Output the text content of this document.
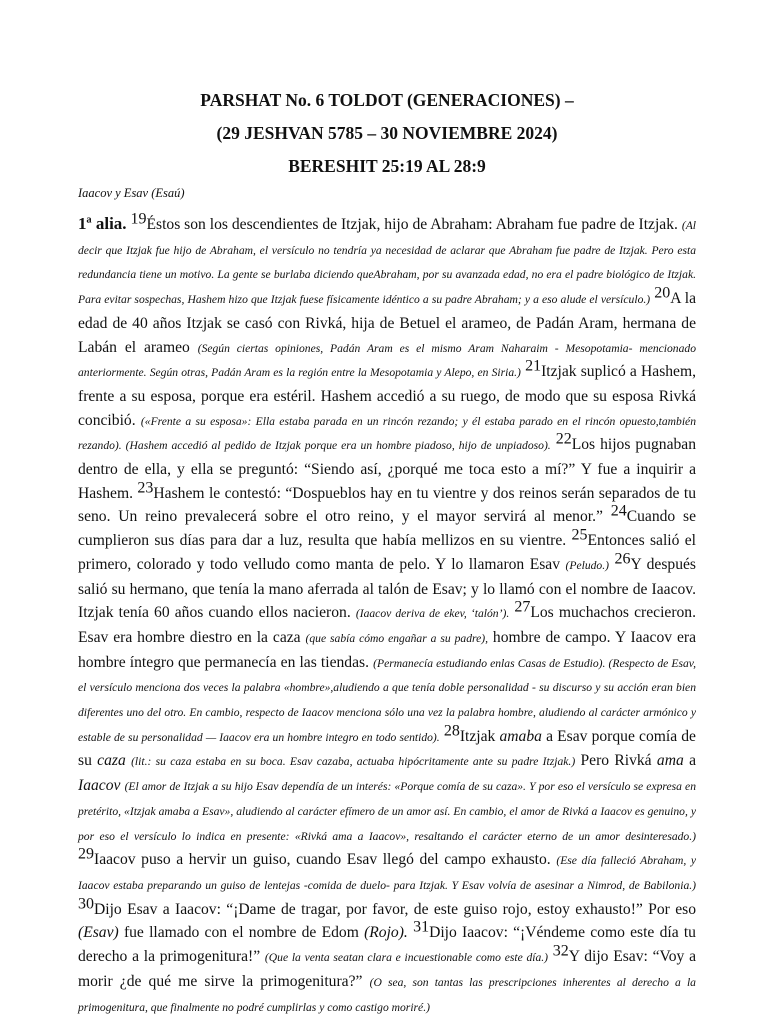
PARSHAT No. 6 TOLDOT (GENERACIONES) –

(29 JESHVAN 5785 – 30 NOVIEMBRE 2024)

BERESHIT 25:19 AL 28:9

Iaacov y Esav (Esaú)
1ª alia. $^{19}$Éstos son los descendientes de Itzjak, hijo de Abraham: Abraham fue padre de Itzjak. (Al decir que Itzjak fue hijo de Abraham, el versículo no tendría ya necesidad de aclarar que Abraham fue padre de Itzjak. Pero esta redundancia tiene un motivo. La gente se burlaba diciendo queAbraham, por su avanzada edad, no era el padre biológico de Itzjak. Para evitar sospechas, Hashem hizo que Itzjak fuese físicamente idéntico a su padre Abraham; y a eso alude el versículo.) $^{20}$A la edad de 40 años Itzjak se casó con Rivká, hija de Betuel el arameo, de Padán Aram, hermana de Labán el arameo (Según ciertas opiniones, Padán Aram es el mismo Aram Naharaim - Mesopotamia- mencionado anteriormente. Según otras, Padán Aram es la región entre la Mesopotamia y Alepo, en Siria.) $^{21}$Itzjak suplicó a Hashem, frente a su esposa, porque era estéril. Hashem accedió a su ruego, de modo que su esposa Rivká concibió. («Frente a su esposa»: Ella estaba parada en un rincón rezando; y él estaba parado en el rincón opuesto,también rezando). (Hashem accedió al pedido de Itzjak porque era un hombre piadoso, hijo de unpiadoso). $^{22}$Los hijos pugnaban dentro de ella, y ella se preguntó: “Siendo así, ¿porqué me toca esto a mí?” Y fue a inquirir a Hashem. $^{23}$Hashem le contestó: “Dospueblos hay en tu vientre y dos reinos serán separados de tu seno. Un reino prevalecerá sobre el otro reino, y el mayor servirá al menor.” $^{24}$Cuando se cumplieron sus días para dar a luz, resulta que había mellizos en su vientre. $^{25}$Entonces salió el primero, colorado y todo velludo como manta de pelo. Y lo llamaron Esav (Peludo.) $^{26}$Y después salió su hermano, que tenía la mano aferrada al talón de Esav; y lo llamó con el nombre de Iaacov. Itzjak tenía 60 años cuando ellos nacieron. (Iaacov deriva de ekev, ‘talón’). $^{27}$Los muchachos crecieron. Esav era hombre diestro en la caza (que sabía cómo engañar a su padre), hombre de campo. Y Iaacov era hombre íntegro que permanecía en las tiendas. (Permanecía estudiando enlas Casas de Estudio). (Respecto de Esav, el versículo menciona dos veces la palabra «hombre»,aludiendo a que tenía doble personalidad - su discurso y su acción eran bien diferentes uno del otro. En cambio, respecto de Iaacov menciona sólo una vez la palabra hombre, aludiendo al carácter armónico y estable de su personalidad — Iaacov era un hombre integro en todo sentido). $^{28}$Itzjak amaba a Esav porque comía de su caza (lit.: su caza estaba en su boca. Esav cazaba, actuaba hipócritamente ante su padre Itzjak.) Pero Rivká ama a Iaacov (El amor de Itzjak a su hijo Esav dependía de un interés: «Porque comía de su caza». Y por eso el versículo se expresa en pretérito, «Itzjak amaba a Esav», aludiendo al carácter efímero de un amor así. En cambio, el amor de Rivká a Iaacov es genuino, y por eso el versículo lo indica en presente: «Rivká ama a Iaacov», resaltando el carácter eterno de un amor desinteresado.) $^{29}$Iaacov puso a hervir un guiso, cuando Esav llegó del campo exhausto. (Ese día falleció Abraham, y Iaacov estaba preparando un guiso de lentejas -comida de duelo- para Itzjak. Y Esav volvía de asesinar a Nimrod, de Babilonia.) $^{30}$Dijo Esav a Iaacov: “¡Dame de tragar, por favor, de este guiso rojo, estoy exhausto!” Por eso (Esav) fue llamado con el nombre de Edom (Rojo). $^{31}$Dijo Iaacov: “¡Véndeme como este día tu derecho a la primogenitura!” (Que la venta seatan clara e incuestionable como este día.) $^{32}$Y dijo Esav: “Voy a morir ¿de qué me sirve la primogenitura?” (O sea, son tantas las prescripciones inherentes al derecho a la primogenitura, que finalmente no podré cumplirlas y como castigo moriré.)
